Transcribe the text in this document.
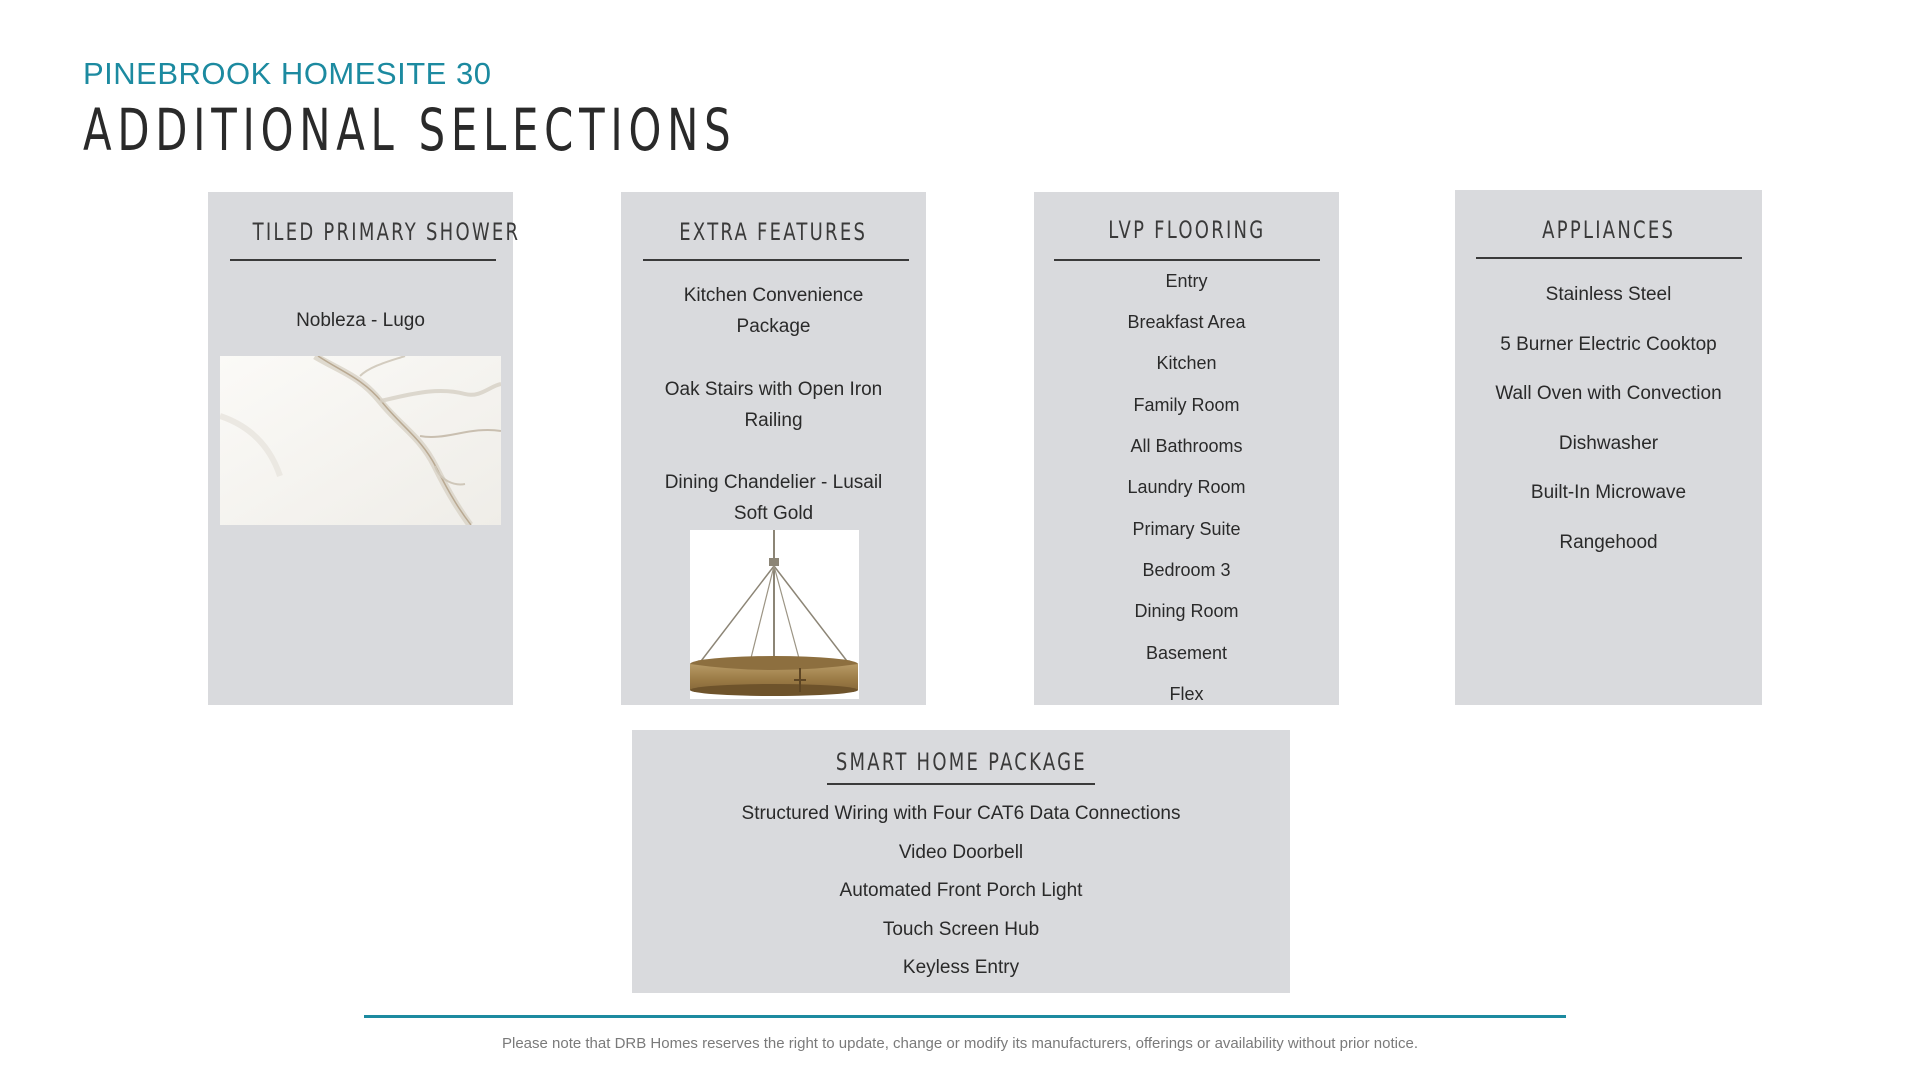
PINEBROOK HOMESITE 30
ADDITIONAL SELECTIONS
TILED PRIMARY SHOWER
Nobleza - Lugo
EXTRA FEATURES
Kitchen Convenience Package
Oak Stairs with Open Iron Railing
Dining Chandelier - Lusail Soft Gold
LVP FLOORING
Entry
Breakfast Area
Kitchen
Family Room
All Bathrooms
Laundry Room
Primary Suite
Bedroom 3
Dining Room
Basement
Flex
APPLIANCES
Stainless Steel
5 Burner Electric Cooktop
Wall Oven with Convection
Dishwasher
Built-In Microwave
Rangehood
SMART HOME PACKAGE
Structured Wiring with Four CAT6 Data Connections
Video Doorbell
Automated Front Porch Light
Touch Screen Hub
Keyless Entry
Please note that DRB Homes reserves the right to update, change or modify its manufacturers, offerings or availability without prior notice.
